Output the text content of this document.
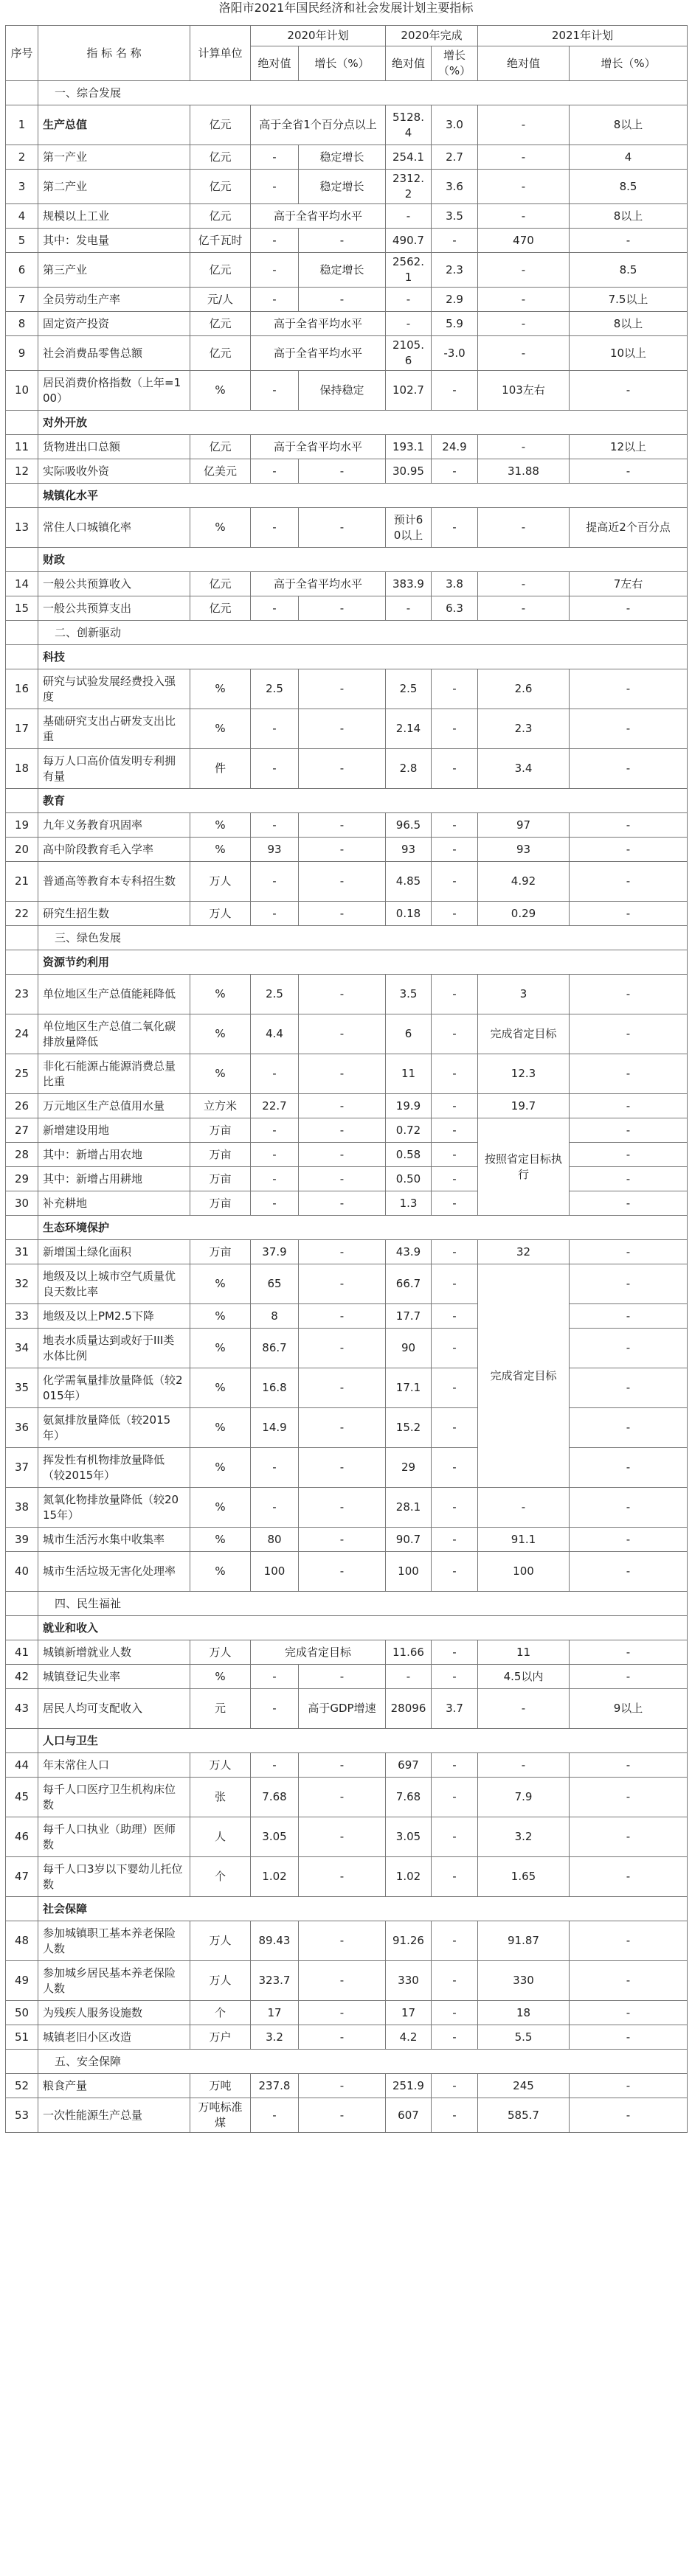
洛阳市2021年国民经济和社会发展计划主要指标
序号	指 标 名 称	计算单位	2020年计划		2020年完成		2021年计划	
			绝对值	增长（%）	绝对值	增长（%）	绝对值	增长（%）
	一、综合发展							
1	生产总值	亿元	高于全省1个百分点以上		5128.4	3.0	-	8以上
2	第一产业	亿元	-	稳定增长	254.1	2.7	-	4
3	第二产业	亿元	-	稳定增长	2312.2	3.6	-	8.5
4	规模以上工业	亿元	高于全省平均水平		-	3.5	-	8以上
5	其中：发电量	亿千瓦时	-	-	490.7	-	470	-
6	第三产业	亿元	-	稳定增长	2562.1	2.3	-	8.5
7	全员劳动生产率	元/人	-	-	-	2.9	-	7.5以上
8	固定资产投资	亿元	高于全省平均水平		-	5.9	-	8以上
9	社会消费品零售总额	亿元	高于全省平均水平		2105.6	-3.0	-	10以上
10	居民消费价格指数（上年=100）	%	-	保持稳定	102.7	-	103左右	-
	对外开放							
11	货物进出口总额	亿元	高于全省平均水平		193.1	24.9	-	12以上
12	实际吸收外资	亿美元	-	-	30.95	-	31.88	-
	城镇化水平							
13	常住人口城镇化率	%	-	-	预计60以上	-	-	提高近2个百分点
	财政							
14	一般公共预算收入	亿元	高于全省平均水平		383.9	3.8	-	7左右
15	一般公共预算支出	亿元	-	-	-	6.3	-	-
	二、创新驱动							
	科技							
16	研究与试验发展经费投入强度	%	2.5	-	2.5	-	2.6	-
17	基础研究支出占研发支出比重	%	-	-	2.14	-	2.3	-
18	每万人口高价值发明专利拥有量	件	-	-	2.8	-	3.4	-
	教育							
19	九年义务教育巩固率	%	-	-	96.5	-	97	-
20	高中阶段教育毛入学率	%	93	-	93	-	93	-
21	普通高等教育本专科招生数	万人	-	-	4.85	-	4.92	-
22	研究生招生数	万人	-	-	0.18	-	0.29	-
	三、绿色发展							
	资源节约利用							
23	单位地区生产总值能耗降低	%	2.5	-	3.5	-	3	-
24	单位地区生产总值二氧化碳排放量降低	%	4.4	-	6	-	完成省定目标	-
25	非化石能源占能源消费总量比重	%	-	-	11	-	12.3	-
26	万元地区生产总值用水量	立方米	22.7	-	19.9	-	19.7	-
27	新增建设用地	万亩	-	-	0.72	-	按照省定目标执行	-
28	其中：新增占用农地	万亩	-	-	0.58	-		-
29	其中：新增占用耕地	万亩	-	-	0.50	-		-
30	补充耕地	万亩	-	-	1.3	-		-
	生态环境保护							
31	新增国土绿化面积	万亩	37.9	-	43.9	-	32	-
32	地级及以上城市空气质量优良天数比率	%	65	-	66.7	-	完成省定目标	-
33	地级及以上PM2.5下降	%	8	-	17.7	-		-
34	地表水质量达到或好于III类水体比例	%	86.7	-	90	-		-
35	化学需氧量排放量降低（较2015年）	%	16.8	-	17.1	-		-
36	氨氮排放量降低（较2015年）	%	14.9	-	15.2	-		-
37	挥发性有机物排放量降低（较2015年）	%	-	-	29	-		-
38	氮氧化物排放量降低（较2015年）	%	-	-	28.1	-	-	-
39	城市生活污水集中收集率	%	80	-	90.7	-	91.1	-
40	城市生活垃圾无害化处理率	%	100	-	100	-	100	-
	四、民生福祉							
	就业和收入							
41	城镇新增就业人数	万人	完成省定目标		11.66	-	11	-
42	城镇登记失业率	%	-	-	-	-	4.5以内	-
43	居民人均可支配收入	元	-	高于GDP增速	28096	3.7	-	9以上
	人口与卫生							
44	年末常住人口	万人	-	-	697	-	-	-
45	每千人口医疗卫生机构床位数	张	7.68	-	7.68	-	7.9	-
46	每千人口执业（助理）医师数	人	3.05	-	3.05	-	3.2	-
47	每千人口3岁以下婴幼儿托位数	个	1.02	-	1.02	-	1.65	-
	社会保障							
48	参加城镇职工基本养老保险人数	万人	89.43	-	91.26	-	91.87	-
49	参加城乡居民基本养老保险人数	万人	323.7	-	330	-	330	-
50	为残疾人服务设施数	个	17	-	17	-	18	-
51	城镇老旧小区改造	万户	3.2	-	4.2	-	5.5	-
	五、安全保障							
52	粮食产量	万吨	237.8	-	251.9	-	245	-
53	一次性能源生产总量	万吨标准煤	-	-	607	-	585.7	-
